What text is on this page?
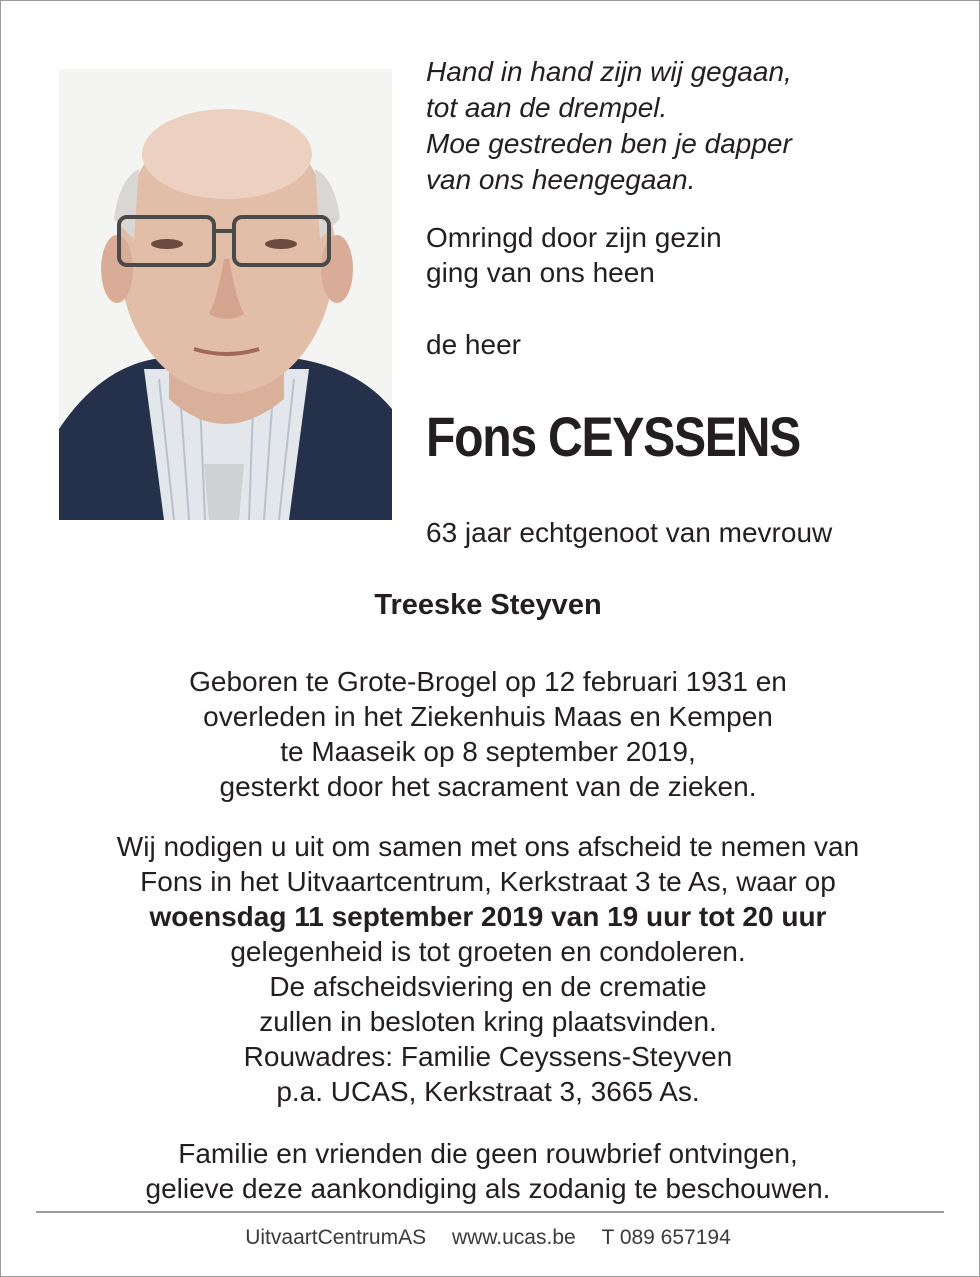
Hand in hand zijn wij gegaan,
tot aan de drempel.
Moe gestreden ben je dapper
van ons heengegaan.
Omringd door zijn gezin
ging van ons heen
de heer
Fons CEYSSENS
63 jaar echtgenoot van mevrouw
Treeske Steyven
Geboren te Grote-Brogel op 12 februari 1931 en
overleden in het Ziekenhuis Maas en Kempen
te Maaseik op 8 september 2019,
gesterkt door het sacrament van de zieken.
Wij nodigen u uit om samen met ons afscheid te nemen van
Fons in het Uitvaartcentrum, Kerkstraat 3 te As, waar op
woensdag 11 september 2019 van 19 uur tot 20 uur
gelegenheid is tot groeten en condoleren.
De afscheidsviering en de crematie
zullen in besloten kring plaatsvinden.
Rouwadres: Familie Ceyssens-Steyven
p.a. UCAS, Kerkstraat 3, 3665 As.
Familie en vrienden die geen rouwbrief ontvingen,
gelieve deze aankondiging als zodanig te beschouwen.
UitvaartCentrumAS www.ucas.be T 089 657194
